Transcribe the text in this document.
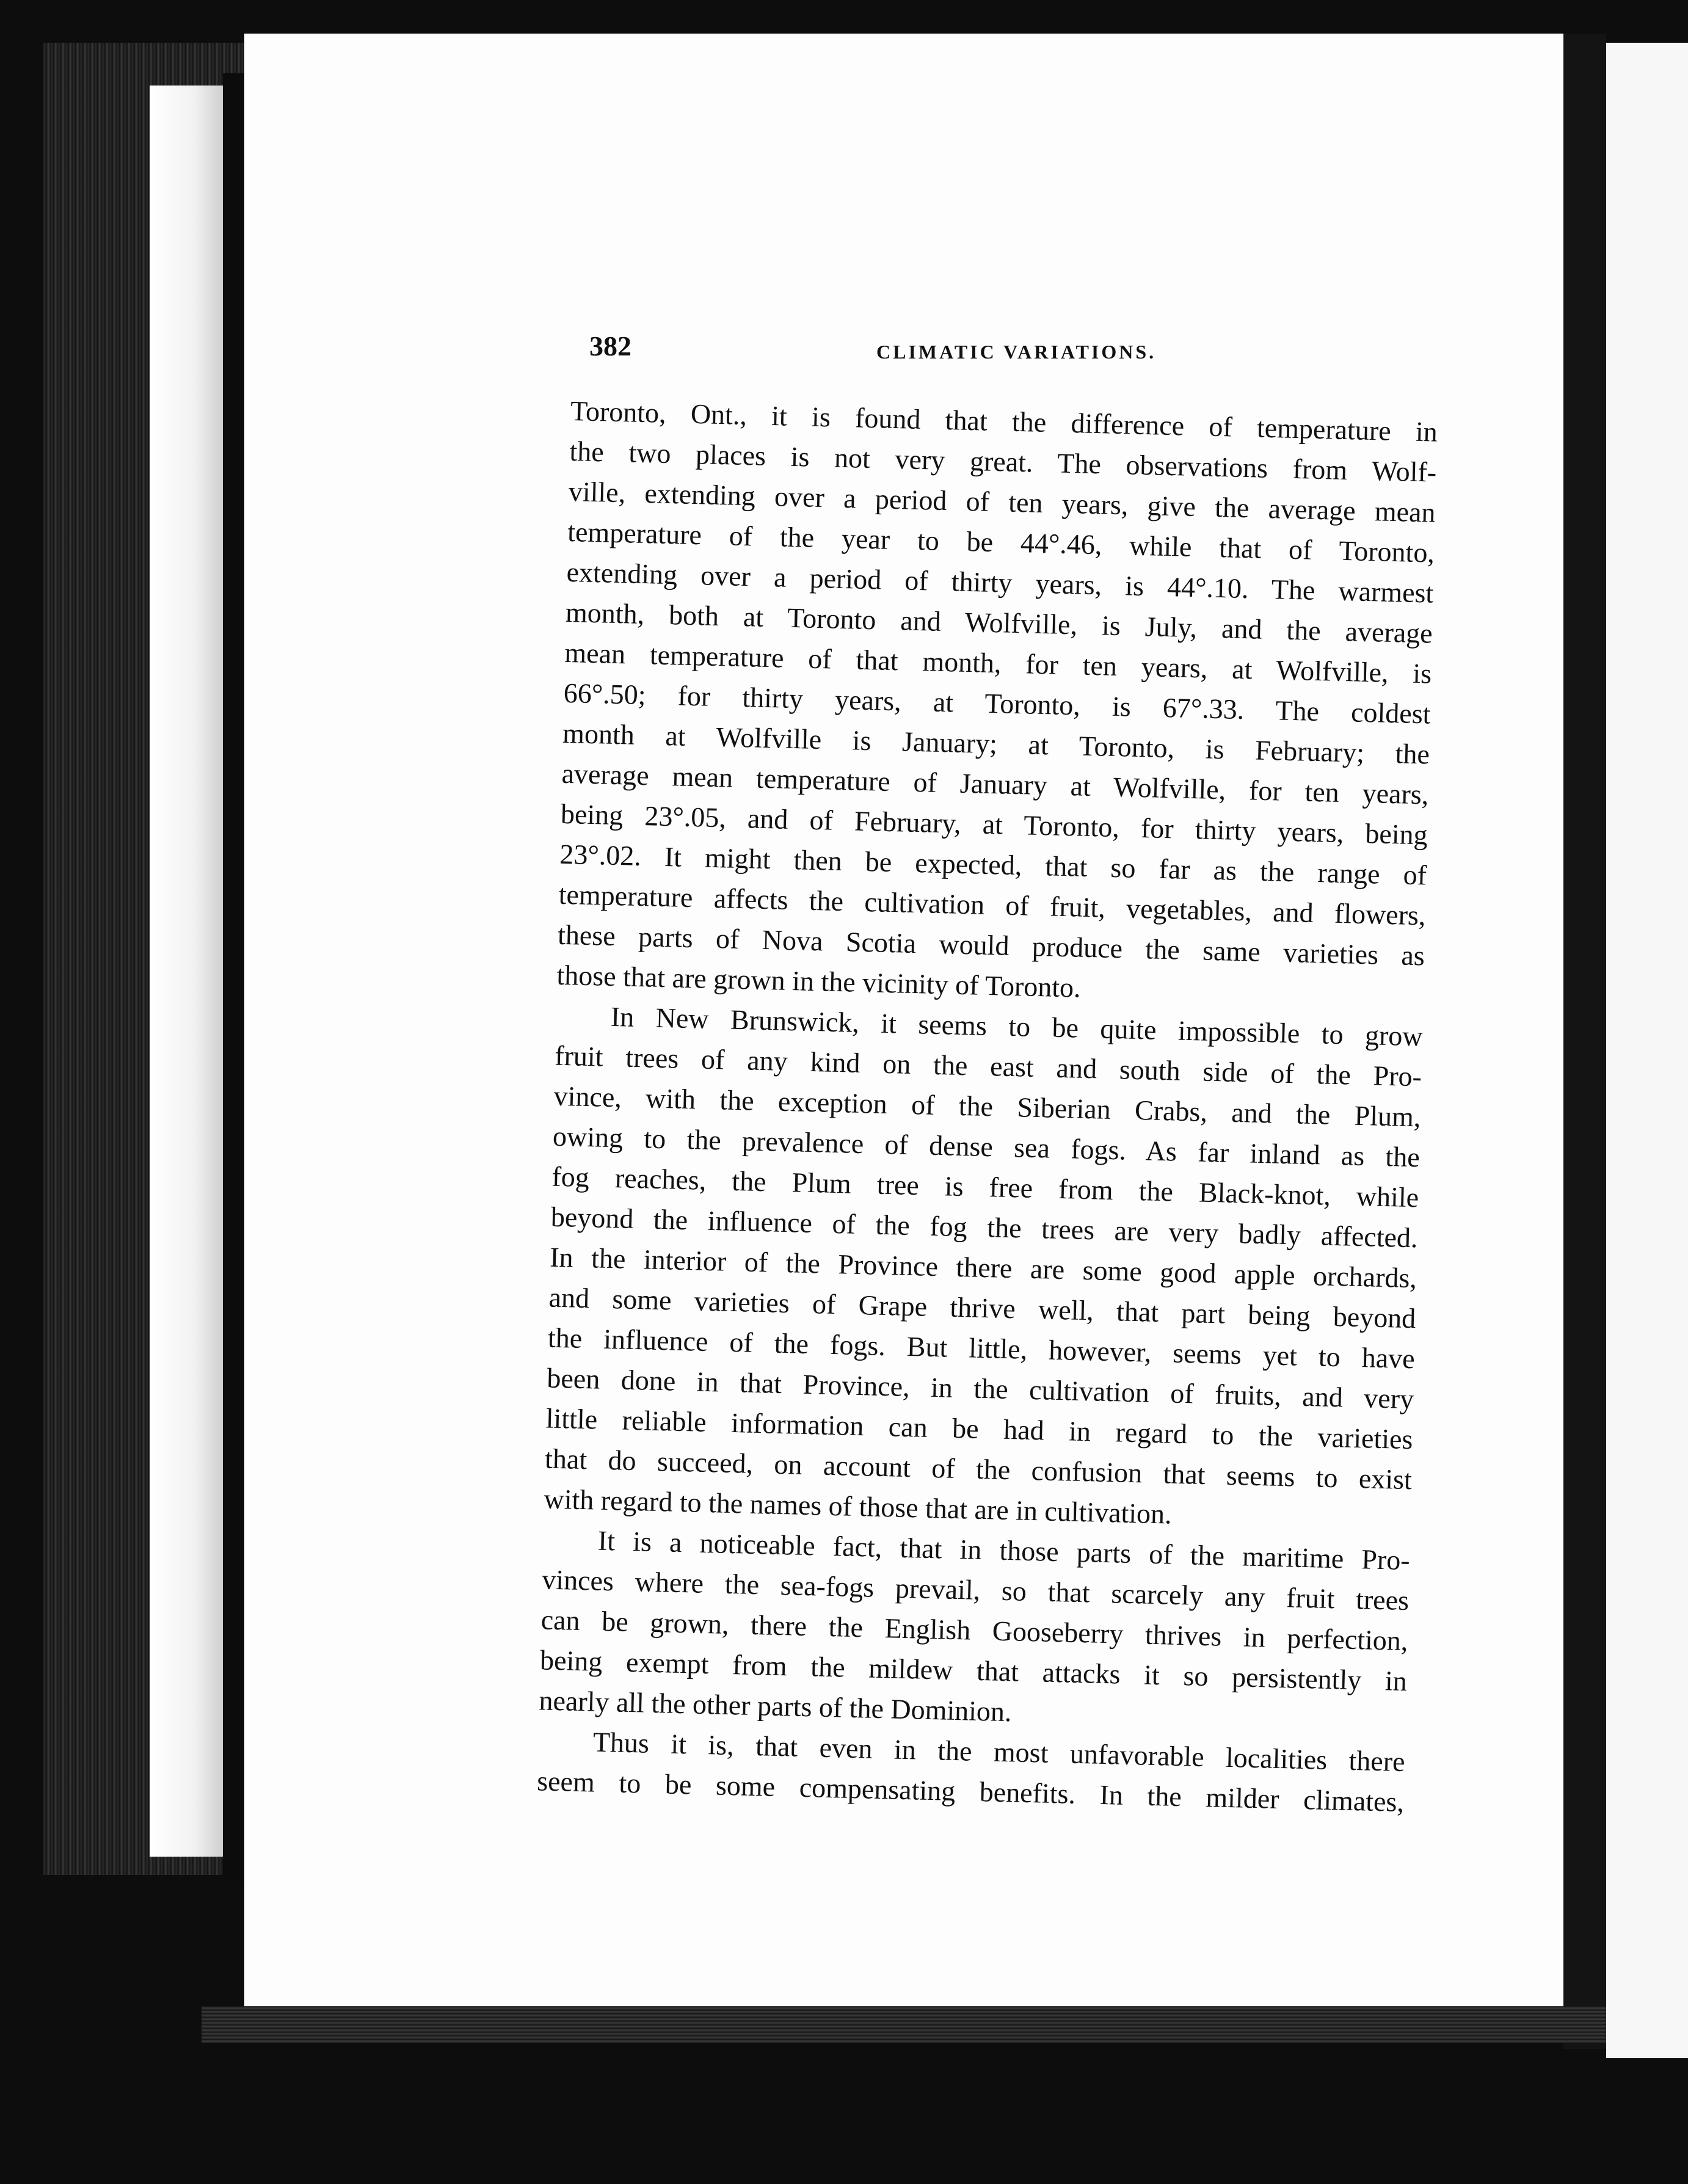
382	CLIMATIC VARIATIONS.
Toronto, Ont., it is found that the difference of temperature in
the two places is not very great. The observations from Wolf-
ville, extending over a period of ten years, give the average mean
temperature of the year to be 44°.46, while that of Toronto,
extending over a period of thirty years, is 44°.10. The warmest
month, both at Toronto and Wolfville, is July, and the average
mean temperature of that month, for ten years, at Wolfville, is
66°.50; for thirty years, at Toronto, is 67°.33. The coldest
month at Wolfville is January; at Toronto, is February; the
average mean temperature of January at Wolfville, for ten years,
being 23°.05, and of February, at Toronto, for thirty years, being
23°.02. It might then be expected, that so far as the range of
temperature affects the cultivation of fruit, vegetables, and flowers,
these parts of Nova Scotia would produce the same varieties as
those that are grown in the vicinity of Toronto.
In New Brunswick, it seems to be quite impossible to grow
fruit trees of any kind on the east and south side of the Pro-
vince, with the exception of the Siberian Crabs, and the Plum,
owing to the prevalence of dense sea fogs. As far inland as the
fog reaches, the Plum tree is free from the Black-knot, while
beyond the influence of the fog the trees are very badly affected.
In the interior of the Province there are some good apple orchards,
and some varieties of Grape thrive well, that part being beyond
the influence of the fogs. But little, however, seems yet to have
been done in that Province, in the cultivation of fruits, and very
little reliable information can be had in regard to the varieties
that do succeed, on account of the confusion that seems to exist
with regard to the names of those that are in cultivation.
It is a noticeable fact, that in those parts of the maritime Pro-
vinces where the sea-fogs prevail, so that scarcely any fruit trees
can be grown, there the English Gooseberry thrives in perfection,
being exempt from the mildew that attacks it so persistently in
nearly all the other parts of the Dominion.
Thus it is, that even in the most unfavorable localities there
seem to be some compensating benefits. In the milder climates,
